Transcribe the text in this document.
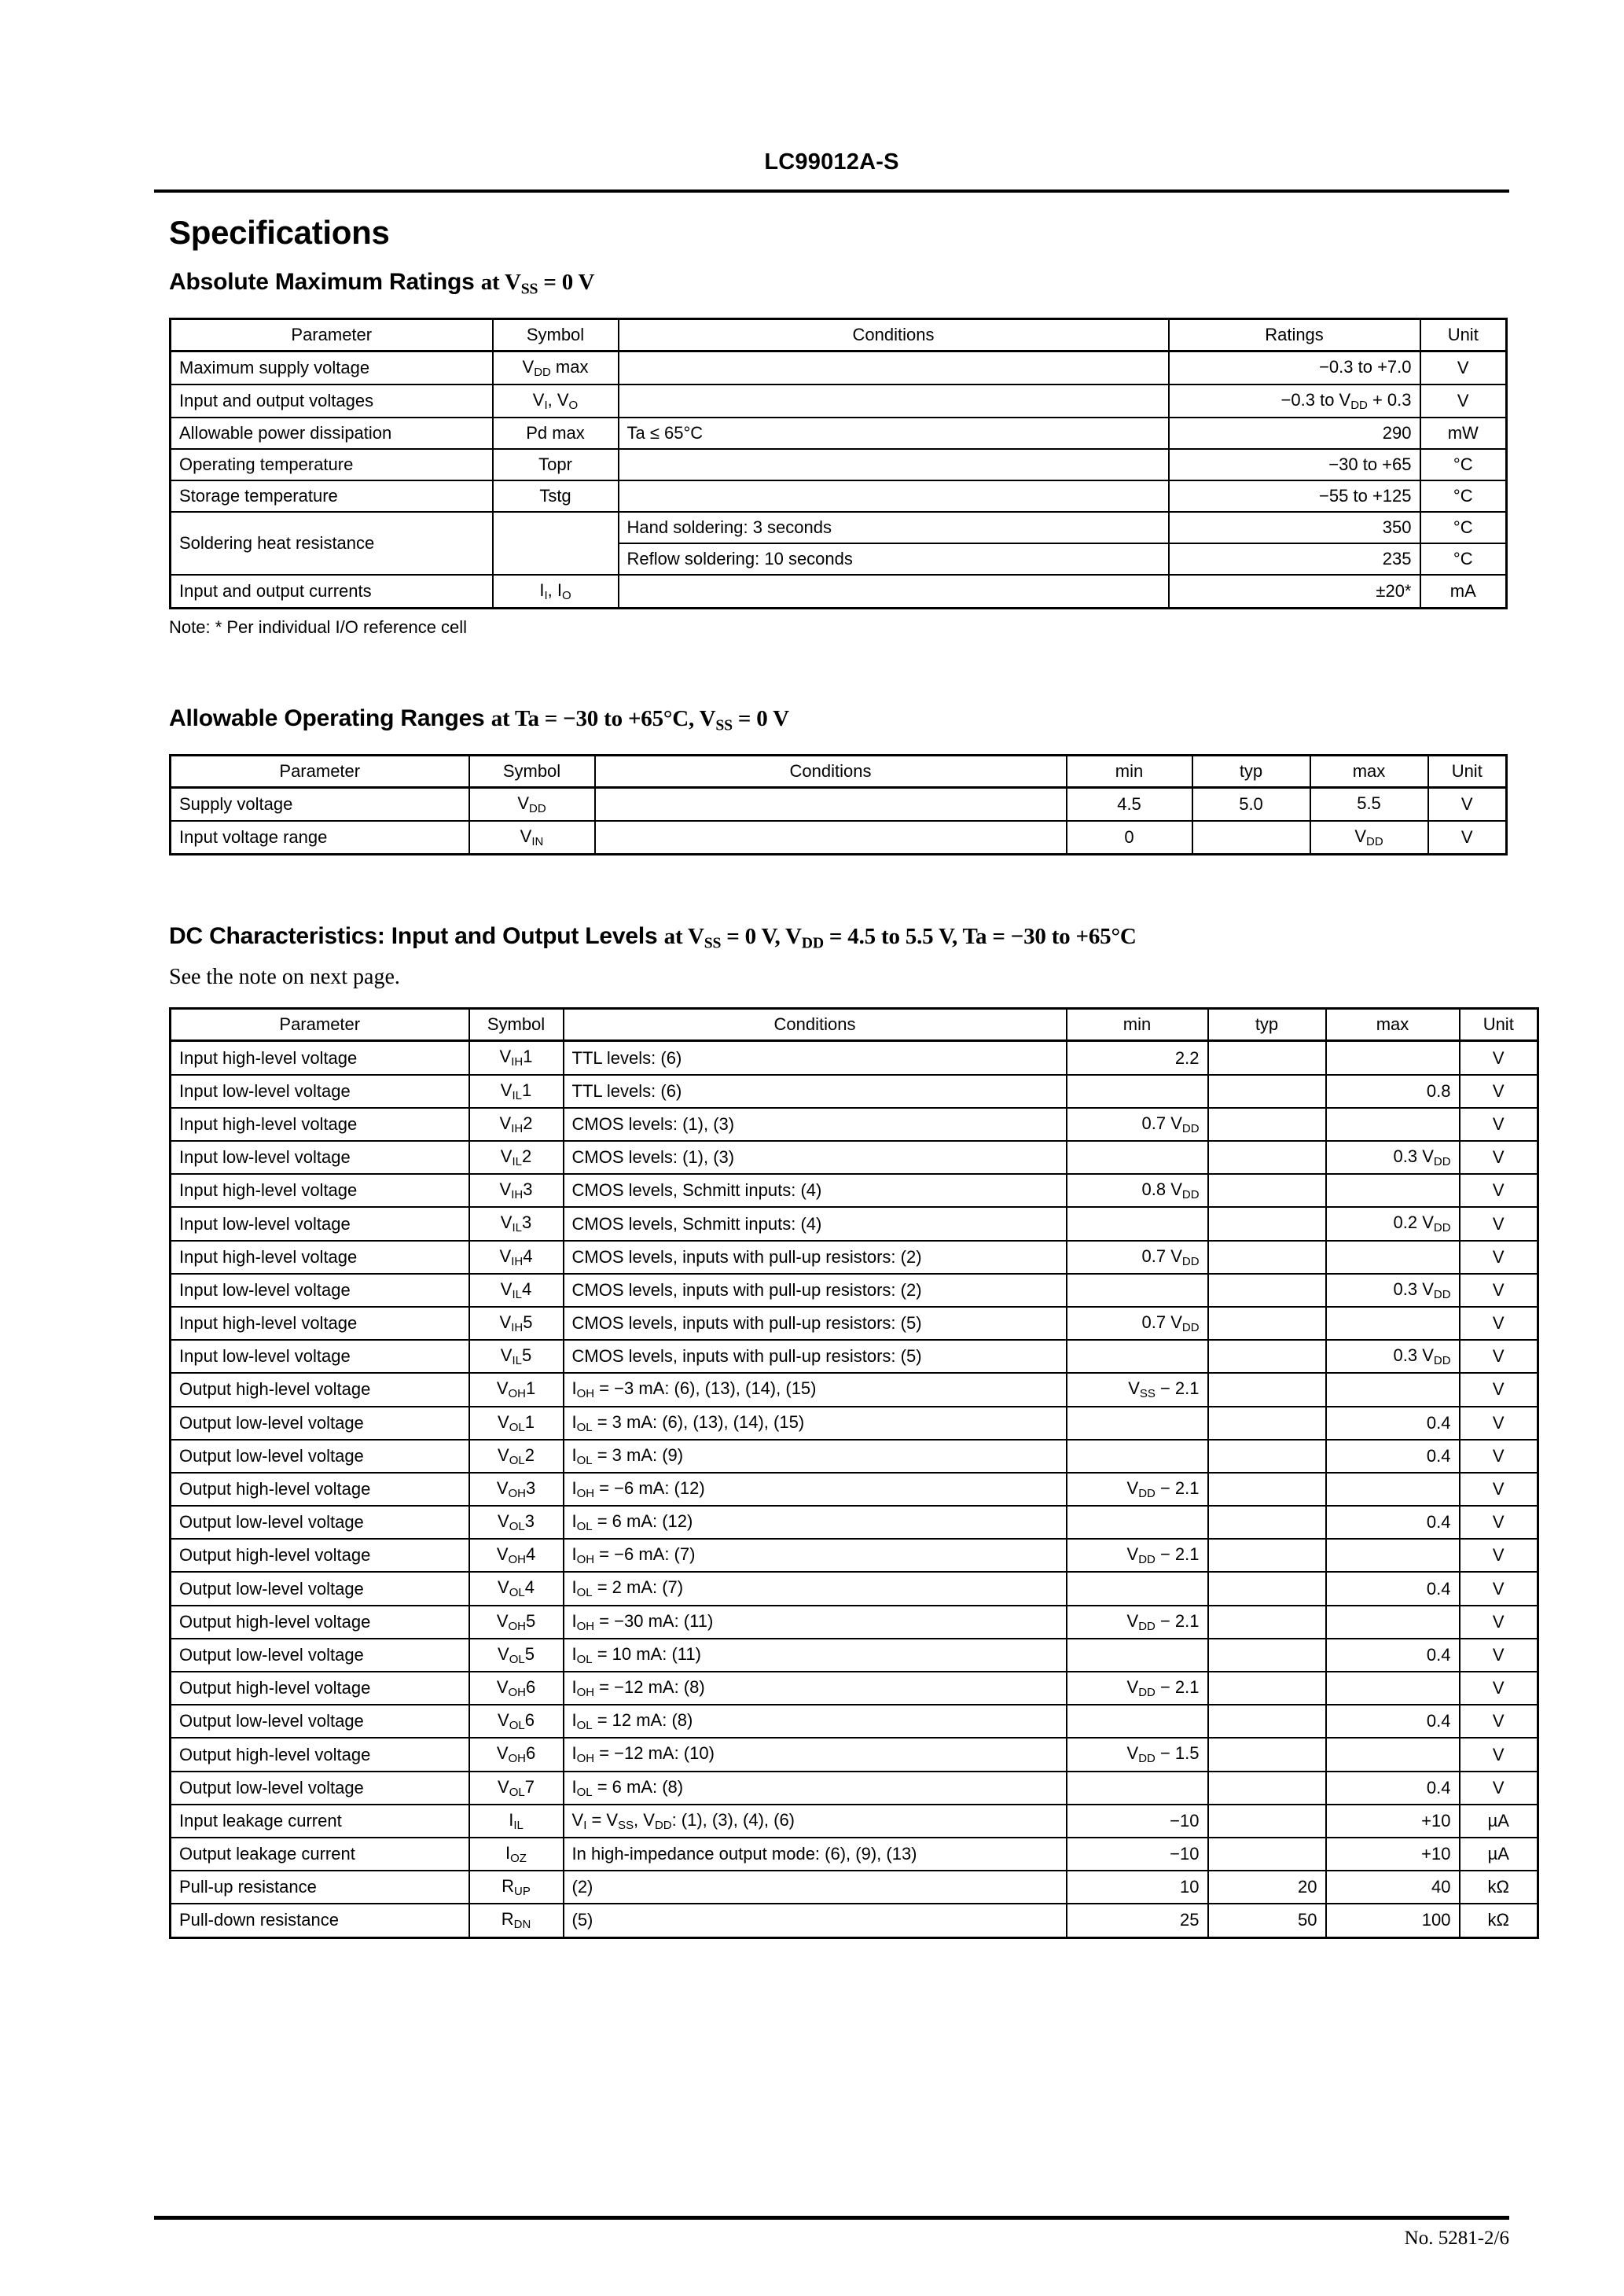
LC99012A-S
Specifications
Absolute Maximum Ratings at $V_{SS} = 0$ V
Parameter	Symbol	Conditions	Ratings	Unit
Maximum supply voltage	$V_{DD}$ max		−0.3 to +7.0	V
Input and output voltages	$V_I$, $V_O$		−0.3 to $V_{DD} + 0.3$	V
Allowable power dissipation	Pd max	Ta ≤ 65°C	290	mW
Operating temperature	Topr		−30 to +65	°C
Storage temperature	Tstg		−55 to +125	°C
Soldering heat resistance		Hand soldering: 3 seconds	350	°C
		Reflow soldering: 10 seconds	235	°C
Input and output currents	$I_I$, $I_O$		±20*	mA

Note: * Per individual I/O reference cell

Allowable Operating Ranges at Ta = −30 to +65°C, $V_{SS} = 0$ V
Parameter	Symbol	Conditions	min	typ	max	Unit
Supply voltage	$V_{DD}$		4.5	5.0	5.5	V
Input voltage range	$V_{IN}$		0		$V_{DD}$	V
DC Characteristics: Input and Output Levels at $V_{SS} = 0$ V, $V_{DD} = 4.5$ to 5.5 V, Ta = −30 to +65°C

See the note on next page.

Parameter	Symbol	Conditions	min	typ	max	Unit
Input high-level voltage	$V_{IH}1$	TTL levels: (6)	2.2			V
Input low-level voltage	$V_{IL}1$	TTL levels: (6)			0.8	V
Input high-level voltage	$V_{IH}2$	CMOS levels: (1), (3)	0.7 $V_{DD}$			V
Input low-level voltage	$V_{IL}2$	CMOS levels: (1), (3)			0.3 $V_{DD}$	V
Input high-level voltage	$V_{IH}3$	CMOS levels, Schmitt inputs: (4)	0.8 $V_{DD}$			V
Input low-level voltage	$V_{IL}3$	CMOS levels, Schmitt inputs: (4)			0.2 $V_{DD}$	V
Input high-level voltage	$V_{IH}4$	CMOS levels, inputs with pull-up resistors: (2)	0.7 $V_{DD}$			V
Input low-level voltage	$V_{IL}4$	CMOS levels, inputs with pull-up resistors: (2)			0.3 $V_{DD}$	V
Input high-level voltage	$V_{IH}5$	CMOS levels, inputs with pull-up resistors: (5)	0.7 $V_{DD}$			V
Input low-level voltage	$V_{IL}5$	CMOS levels, inputs with pull-up resistors: (5)			0.3 $V_{DD}$	V
Output high-level voltage	$V_{OH}1$	$I_{OH} = -3$ mA: (6), (13), (14), (15)	$V_{SS} - 2.1$			V
Output low-level voltage	$V_{OL}1$	$I_{OL} = 3$ mA: (6), (13), (14), (15)			0.4	V
Output low-level voltage	$V_{OL}2$	$I_{OL} = 3$ mA: (9)			0.4	V
Output high-level voltage	$V_{OH}3$	$I_{OH} = -6$ mA: (12)	$V_{DD} - 2.1$			V
Output low-level voltage	$V_{OL}3$	$I_{OL} = 6$ mA: (12)			0.4	V
Output high-level voltage	$V_{OH}4$	$I_{OH} = -6$ mA: (7)	$V_{DD} - 2.1$			V
Output low-level voltage	$V_{OL}4$	$I_{OL} = 2$ mA: (7)			0.4	V
Output high-level voltage	$V_{OH}5$	$I_{OH} = -30$ mA: (11)	$V_{DD} - 2.1$			V
Output low-level voltage	$V_{OL}5$	$I_{OL} = 10$ mA: (11)			0.4	V
Output high-level voltage	$V_{OH}6$	$I_{OH} = -12$ mA: (8)	$V_{DD} - 2.1$			V
Output low-level voltage	$V_{OL}6$	$I_{OL} = 12$ mA: (8)			0.4	V
Output high-level voltage	$V_{OH}6$	$I_{OH} = -12$ mA: (10)	$V_{DD} - 1.5$			V
Output low-level voltage	$V_{OL}7$	$I_{OL} = 6$ mA: (8)			0.4	V
Input leakage current	$I_{IL}$	$V_I = V_{SS}$, $V_{DD}$: (1), (3), (4), (6)	−10		+10	µA
Output leakage current	$I_{OZ}$	In high-impedance output mode: (6), (9), (13)	−10		+10	µA
Pull-up resistance	$R_{UP}$	(2)	10	20	40	kΩ
Pull-down resistance	$R_{DN}$	(5)	25	50	100	kΩ
No. 5281-2/6
